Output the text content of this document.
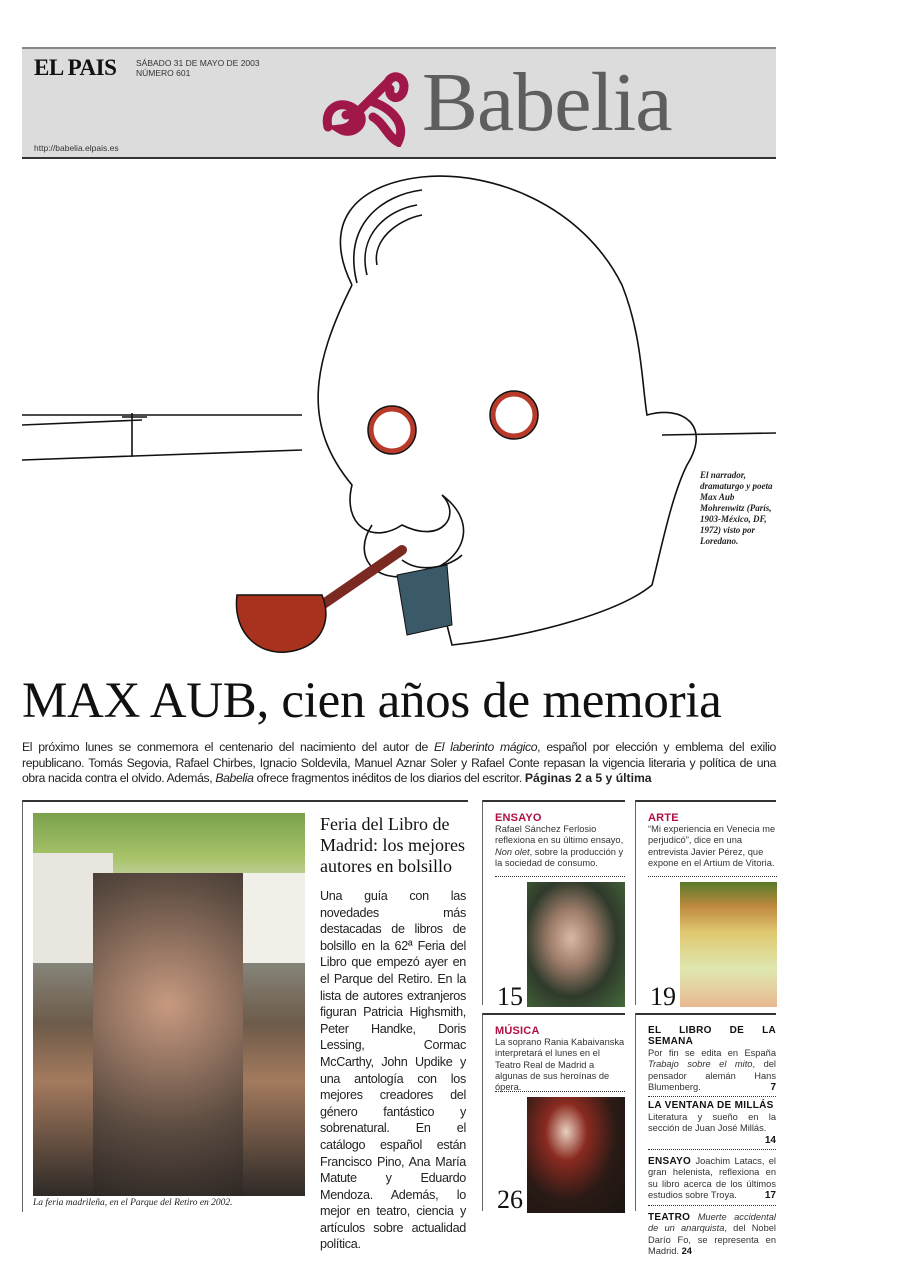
EL PAIS SÁBADO 31 DE MAYO DE 2003
NÚMERO 601
http://babelia.elpais.es	Babelia
El narrador, dramaturgo y poeta Max Aub Mohrenwitz (París, 1903-México, DF, 1972) visto por Loredano.
MAX AUB, cien años de memoria

El próximo lunes se conmemora el centenario del nacimiento del autor de El laberinto mágico, español por elección y emblema del exilio republicano. Tomás Segovia, Rafael Chirbes, Ignacio Soldevila, Manuel Aznar Soler y Rafael Conte repasan la vigencia literaria y política de una obra nacida contra el olvido. Además, Babelia ofrece fragmentos inéditos de los diarios del escritor. Páginas 2 a 5 y última

La feria madrileña, en el Parque del Retiro en 2002.
Feria del Libro de Madrid: los mejores autores en bolsillo
Una guía con las novedades más destacadas de libros de bolsillo en la 62ª Feria del Libro que empezó ayer en el Parque del Retiro. En la lista de autores extranjeros figuran Patricia Highsmith, Peter Handke, Doris Lessing, Cormac McCarthy, John Updike y una antología con los mejores creadores del género fantástico y sobrenatural. En el catálogo español están Francisco Pino, Ana María Matute y Eduardo Mendoza. Además, lo mejor en teatro, ciencia y artículos sobre actualidad política.
ENSAYO
Rafael Sánchez Ferlosio reflexiona en su último ensayo, Non olet, sobre la producción y la sociedad de consumo.
15
ARTE
“Mi experiencia en Venecia me perjudicó”, dice en una entrevista Javier Pérez, que expone en el Artium de Vitoria.
19
MÚSICA
La soprano Rania Kabaivanska interpretará el lunes en el Teatro Real de Madrid a algunas de sus heroínas de ópera.
26
EL LIBRO DE LA SEMANA
Por fin se edita en España Trabajo sobre el mito, del pensador alemán Hans Blumenberg.	7
LA VENTANA DE MILLÁS
Literatura y sueño en la sección de Juan José Millás.
14
ENSAYO Joachim Latacs, el gran helenista, reflexiona en su libro acerca de los últimos estudios sobre Troya.	17
TEATRO Muerte accidental de un anarquista, del Nobel Darío Fo, se representa en Madrid. 24
